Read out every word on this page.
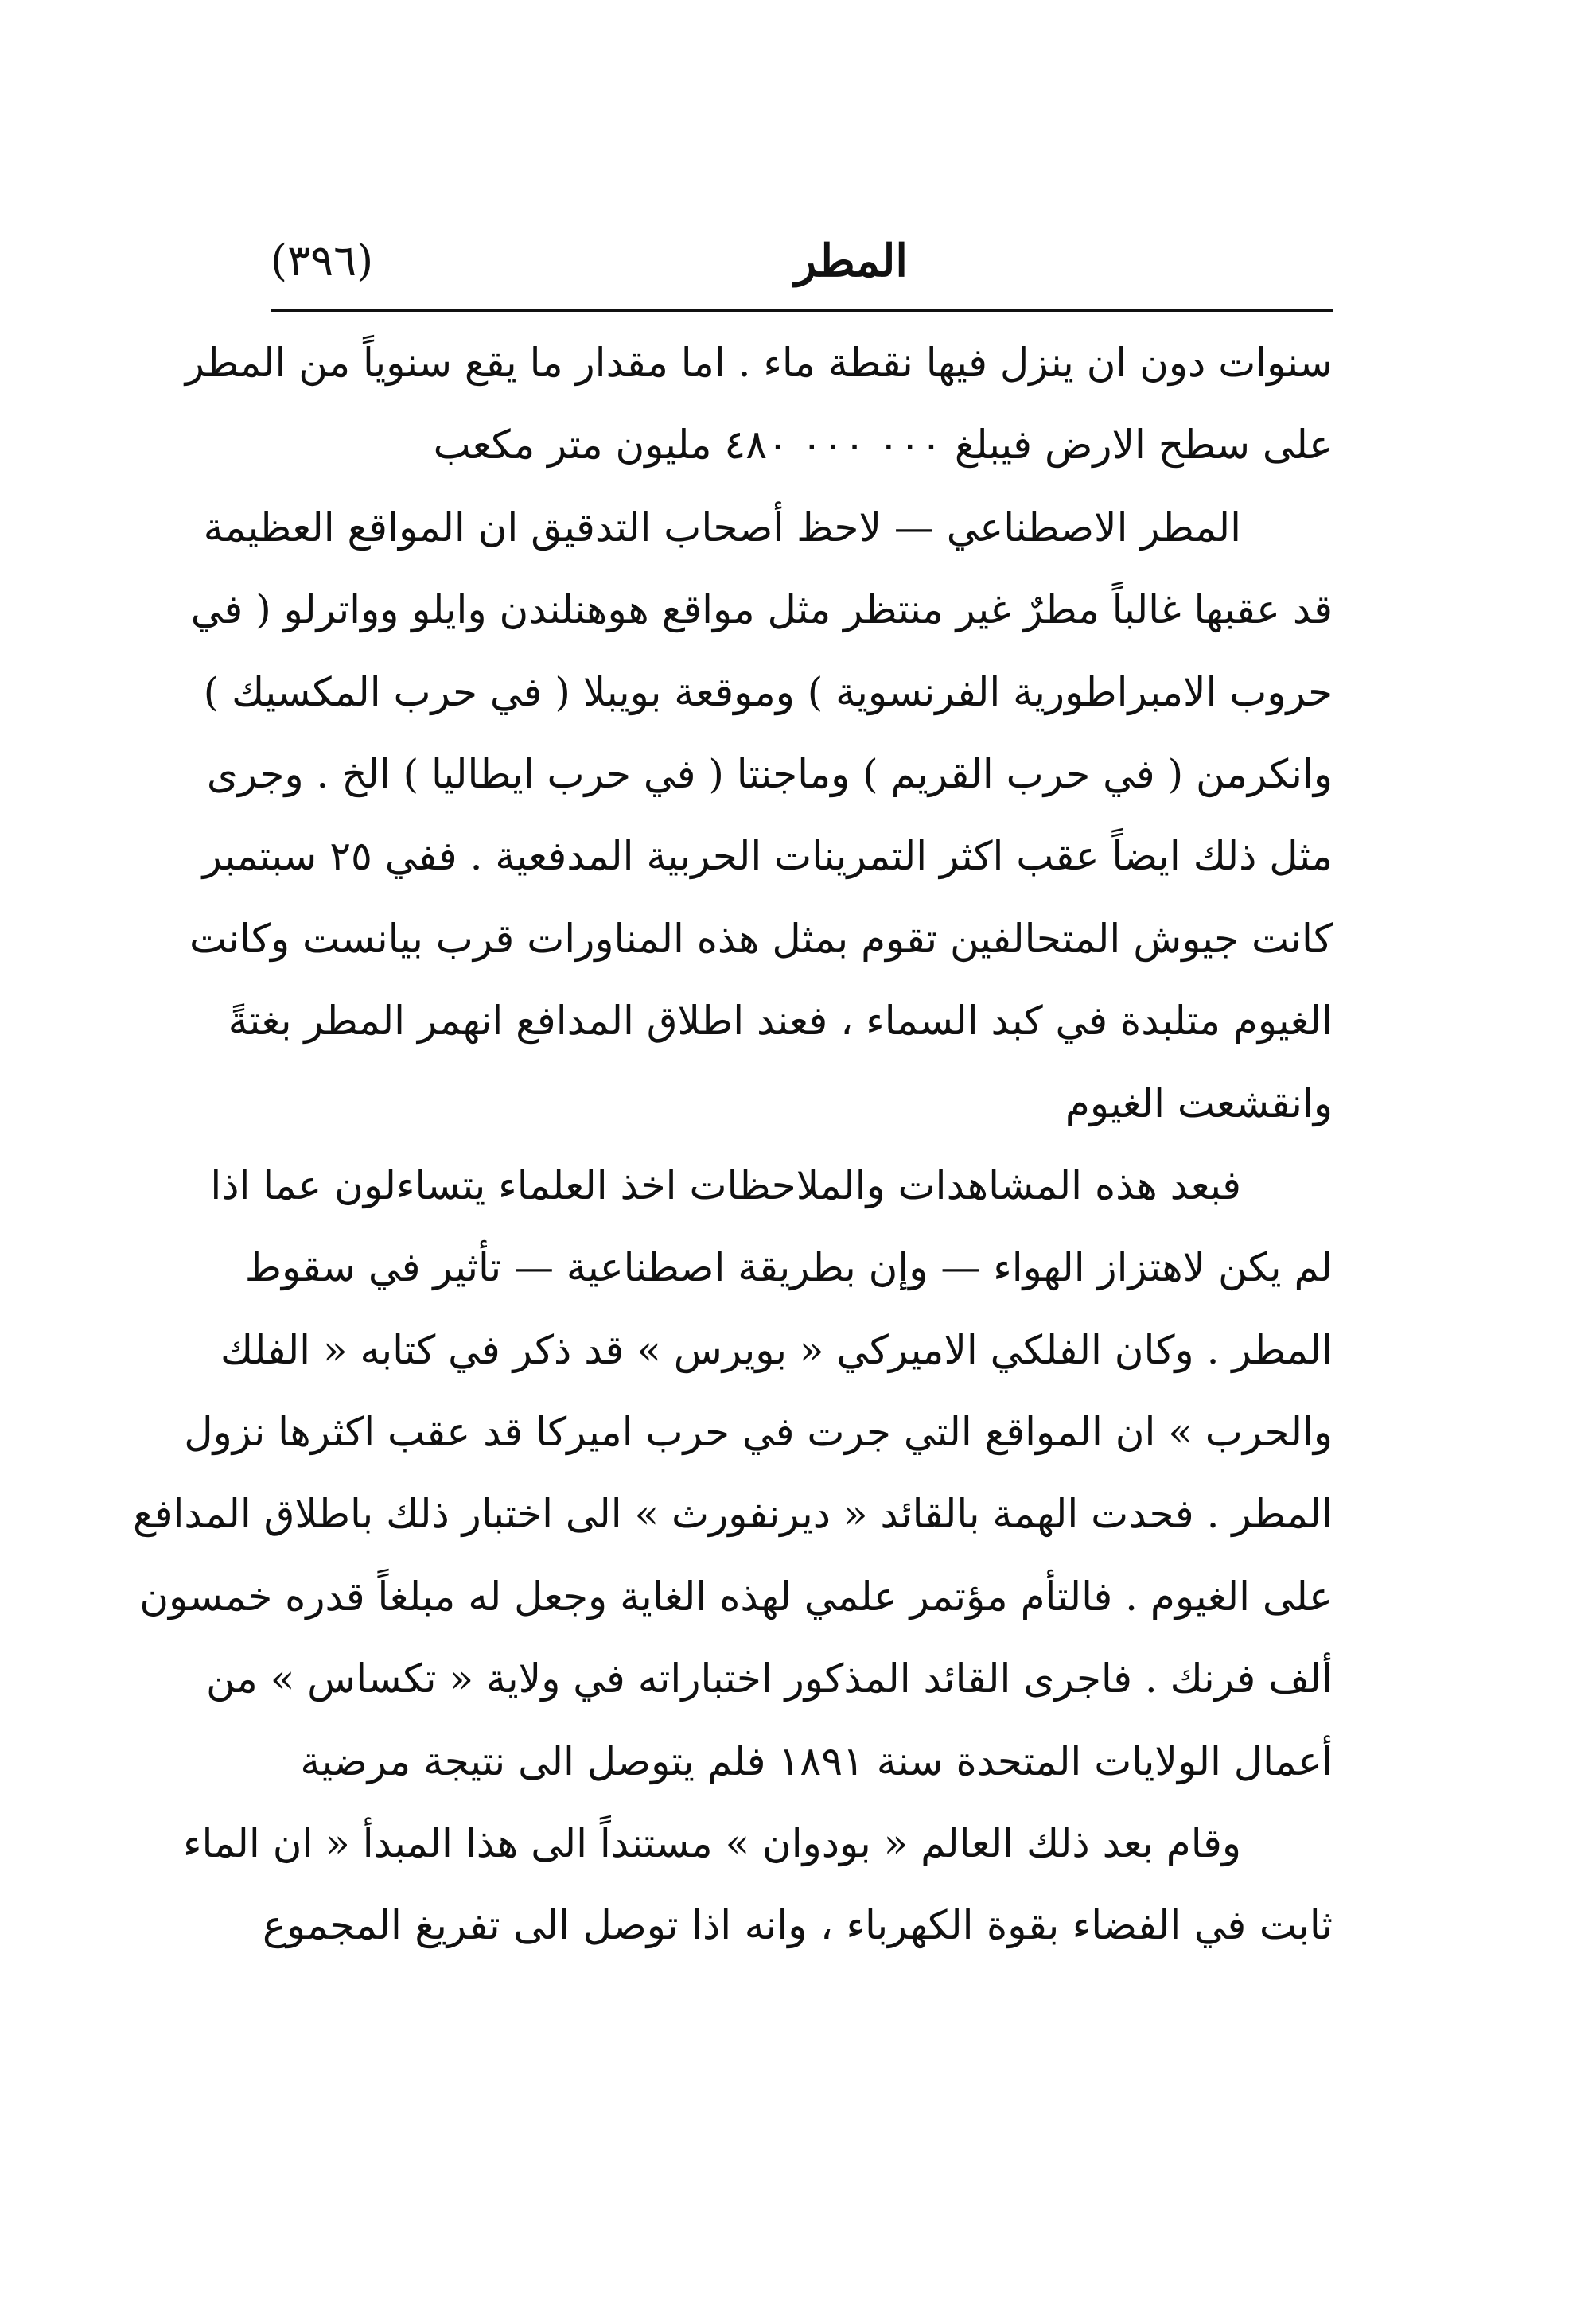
(٣٩٦)	المطر
سنوات دون ان ينزل فيها نقطة ماء . اما مقدار ما يقع سنوياً من المطر
على سطح الارض فيبلغ ٠٠٠ ٠٠٠ ٤٨٠ مليون متر مكعب
المطر الاصطناعي — لاحظ أصحاب التدقيق ان المواقع العظيمة
قد عقبها غالباً مطرٌ غير منتظر مثل مواقع هوهنلندن وايلو وواترلو ( في
حروب الامبراطورية الفرنسوية ) وموقعة بويبلا ( في حرب المكسيك )
وانكرمن ( في حرب القريم ) وماجنتا ( في حرب ايطاليا ) الخ . وجرى
مثل ذلك ايضاً عقب اكثر التمرينات الحربية المدفعية . ففي ٢٥ سبتمبر
كانت جيوش المتحالفين تقوم بمثل هذه المناورات قرب بيانست وكانت
الغيوم متلبدة في كبد السماء ، فعند اطلاق المدافع انهمر المطر بغتةً
وانقشعت الغيوم
فبعد هذه المشاهدات والملاحظات اخذ العلماء يتساءلون عما اذا
لم يكن لاهتزاز الهواء — وإن بطريقة اصطناعية — تأثير في سقوط
المطر . وكان الفلكي الاميركي « بويرس » قد ذكر في كتابه « الفلك
والحرب » ان المواقع التي جرت في حرب اميركا قد عقب اكثرها نزول
المطر . فحدت الهمة بالقائد « ديرنفورث » الى اختبار ذلك باطلاق المدافع
على الغيوم . فالتأم مؤتمر علمي لهذه الغاية وجعل له مبلغاً قدره خمسون
ألف فرنك . فاجرى القائد المذكور اختباراته في ولاية « تكساس » من
أعمال الولايات المتحدة سنة ١٨٩١ فلم يتوصل الى نتيجة مرضية
وقام بعد ذلك العالم « بودوان » مستنداً الى هذا المبدأ « ان الماء
ثابت في الفضاء بقوة الكهرباء ، وانه اذا توصل الى تفريغ المجموع
